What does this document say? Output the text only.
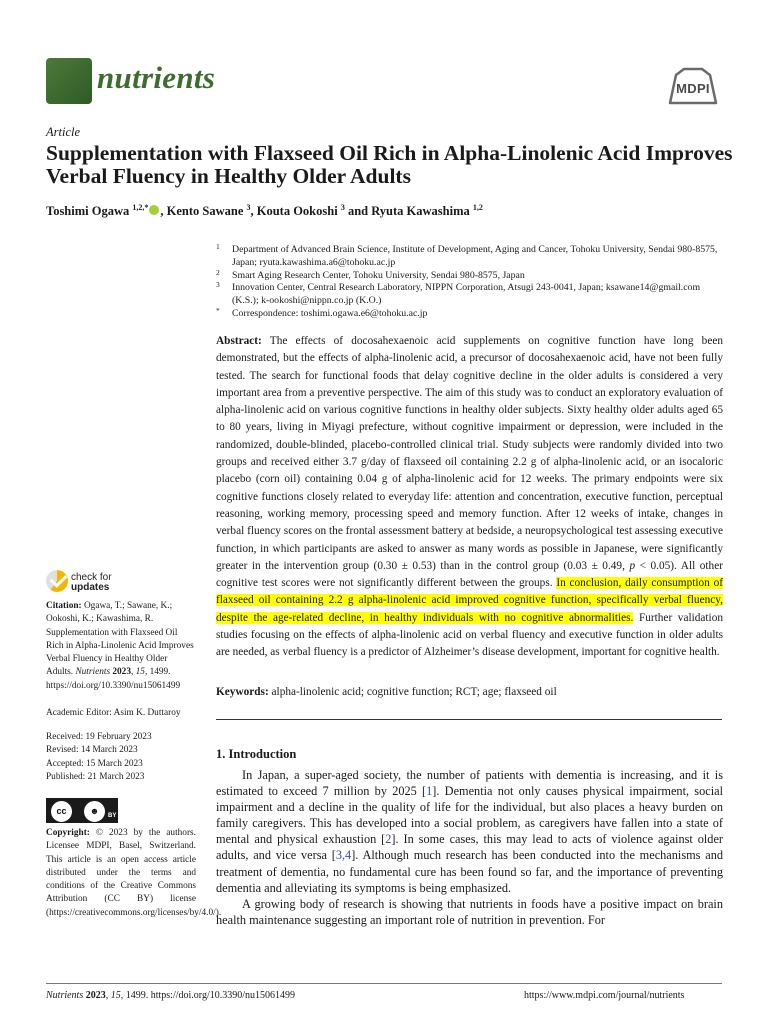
nutrients	MDPI
Article
Supplementation with Flaxseed Oil Rich in Alpha-Linolenic Acid Improves Verbal Fluency in Healthy Older Adults
Toshimi Ogawa $^{1,2,*}$ , Kento Sawane $^3$, Kouta Ookoshi $^3$ and Ryuta Kawashima $^{1,2}$
1 Department of Advanced Brain Science, Institute of Development, Aging and Cancer, Tohoku University, Sendai 980-8575, Japan; ryuta.kawashima.a6@tohoku.ac.jp
2 Smart Aging Research Center, Tohoku University, Sendai 980-8575, Japan
3 Innovation Center, Central Research Laboratory, NIPPN Corporation, Atsugi 243-0041, Japan; ksawane14@gmail.com (K.S.); k-ookoshi@nippn.co.jp (K.O.)
* Correspondence: toshimi.ogawa.e6@tohoku.ac.jp
Abstract: The effects of docosahexaenoic acid supplements on cognitive function have long been demonstrated, but the effects of alpha-linolenic acid, a precursor of docosahexaenoic acid, have not been fully tested. The search for functional foods that delay cognitive decline in the older adults is considered a very important area from a preventive perspective. The aim of this study was to conduct an exploratory evaluation of alpha-linolenic acid on various cognitive functions in healthy older subjects. Sixty healthy older adults aged 65 to 80 years, living in Miyagi prefecture, without cognitive impairment or depression, were included in the randomized, double-blinded, placebo-controlled clinical trial. Study subjects were randomly divided into two groups and received either 3.7 g/day of flaxseed oil containing 2.2 g of alpha-linolenic acid, or an isocaloric placebo (corn oil) containing 0.04 g of alpha-linolenic acid for 12 weeks. The primary endpoints were six cognitive functions closely related to everyday life: attention and concentration, executive function, perceptual reasoning, working memory, processing speed and memory function. After 12 weeks of intake, changes in verbal fluency scores on the frontal assessment battery at bedside, a neuropsychological test assessing executive function, in which participants are asked to answer as many words as possible in Japanese, were significantly greater in the intervention group (0.30 ± 0.53) than in the control group (0.03 ± 0.49, p < 0.05). All other cognitive test scores were not significantly different between the groups. In conclusion, daily consumption of flaxseed oil containing 2.2 g alpha-linolenic acid improved cognitive function, specifically verbal fluency, despite the age-related decline, in healthy individuals with no cognitive abnormalities. Further validation studies focusing on the effects of alpha-linolenic acid on verbal fluency and executive function in older adults are needed, as verbal fluency is a predictor of Alzheimer’s disease development, important for cognitive health.
Keywords: alpha-linolenic acid; cognitive function; RCT; age; flaxseed oil
1. Introduction

In Japan, a super-aged society, the number of patients with dementia is increasing, and it is estimated to exceed 7 million by 2025 [1]. Dementia not only causes physical impairment, social impairment and a decline in the quality of life for the individual, but also places a heavy burden on family caregivers. This has developed into a social problem, as caregivers have fallen into a state of mental and physical exhaustion [2]. In some cases, this may lead to acts of violence against older adults, and vice versa [3,4]. Although much research has been conducted into the mechanisms and treatment of dementia, no fundamental cure has been found so far, and the importance of preventing dementia and alleviating its symptoms is being emphasized.

A growing body of research is showing that nutrients in foods have a positive impact on brain health maintenance suggesting an important role of nutrition in prevention. For

check for
updates
Citation: Ogawa, T.; Sawane, K.; Ookoshi, K.; Kawashima, R. Supplementation with Flaxseed Oil Rich in Alpha-Linolenic Acid Improves Verbal Fluency in Healthy Older Adults. Nutrients 2023, 15, 1499. https://doi.org/10.3390/nu15061499
Academic Editor: Asim K. Duttaroy
Received: 19 February 2023
Revised: 14 March 2023
Accepted: 15 March 2023
Published: 21 March 2023
cc	☻	BY
Copyright: © 2023 by the authors. Licensee MDPI, Basel, Switzerland. This article is an open access article distributed under the terms and conditions of the Creative Commons Attribution (CC BY) license (https://creativecommons.org/licenses/by/4.0/).
Nutrients 2023, 15, 1499. https://doi.org/10.3390/nu15061499	https://www.mdpi.com/journal/nutrients
